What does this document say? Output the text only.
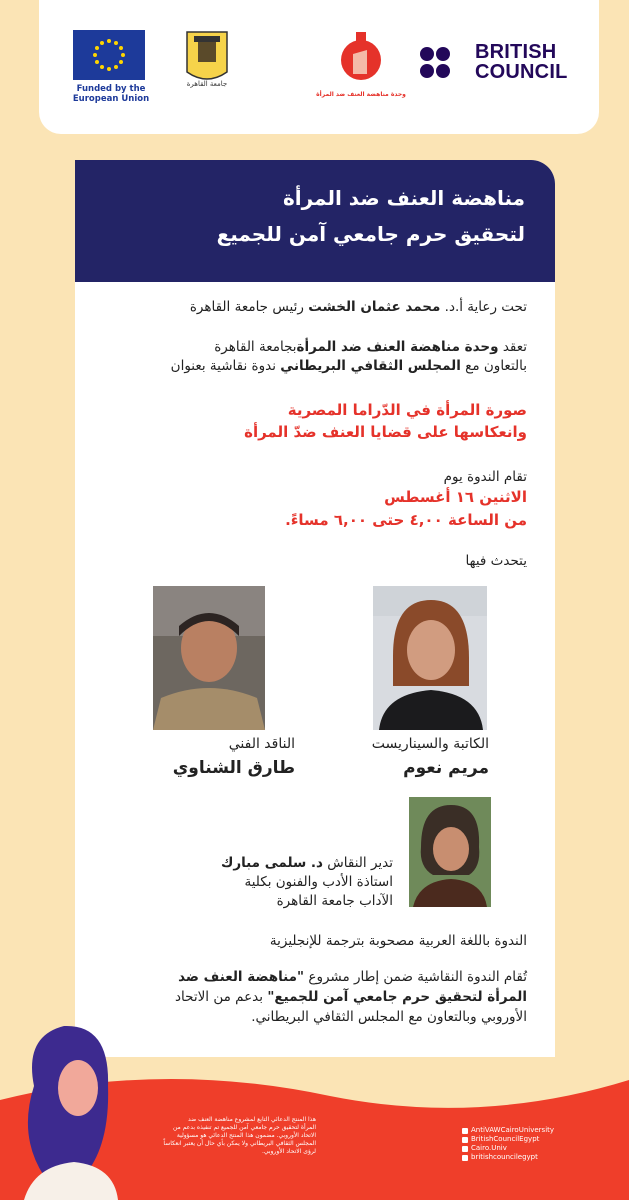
Funded by the European Union
جامعة القاهرة
وحدة مناهضة العنف ضد المرأة
BRITISH
COUNCIL
مناهضة العنف ضد المرأة
لتحقيق حرم جامعي آمن للجميع
تحت رعاية أ.د. محمد عثمان الخشت رئيس جامعة القاهرة
تعقد وحدة مناهضة العنف ضد المرأةبجامعة القاهرة
بالتعاون مع المجلس الثقافي البريطاني ندوة نقاشية بعنوان
صورة المرأة في الدّراما المصرية
وانعكاسها على قضايا العنف ضدّ المرأة
تقام الندوة يوم
الاثنين ١٦ أغسطس
من الساعة ٤,٠٠ حتى ٦,٠٠ مساءً.
يتحدث فيها
الناقد الفني
طارق الشناوي
الكاتبة والسيناريست
مريم نعوم
تدير النقاش د. سلمى مبارك
استاذة الأدب والفنون بكلية
الآداب جامعة القاهرة
الندوة باللغة العربية مصحوبة بترجمة للإنجليزية
تُقام الندوة النقاشية ضمن إطار مشروع "مناهضة العنف ضد
المرأة لتحقيق حرم جامعي آمن للجميع" بدعم من الاتحاد
الأوروبي وبالتعاون مع المجلس الثقافي البريطاني.
هذا المنتج الدعائي التابع لمشروع مناهضة العنف ضد
المرأة لتحقيق حرم جامعي آمن للجميع تم تنفيذه بدعم من
الاتحاد الأوروبي. مضمون هذا المنتج الدعائي هو مسؤولية
المجلس الثقافي البريطاني ولا يمكن بأي حال أن يعتبر انعكاساً
لرؤى الاتحاد الأوروبي.
AntiVAWCairoUniversity
BritishCouncilEgypt
Cairo.Univ
britishcouncilegypt
